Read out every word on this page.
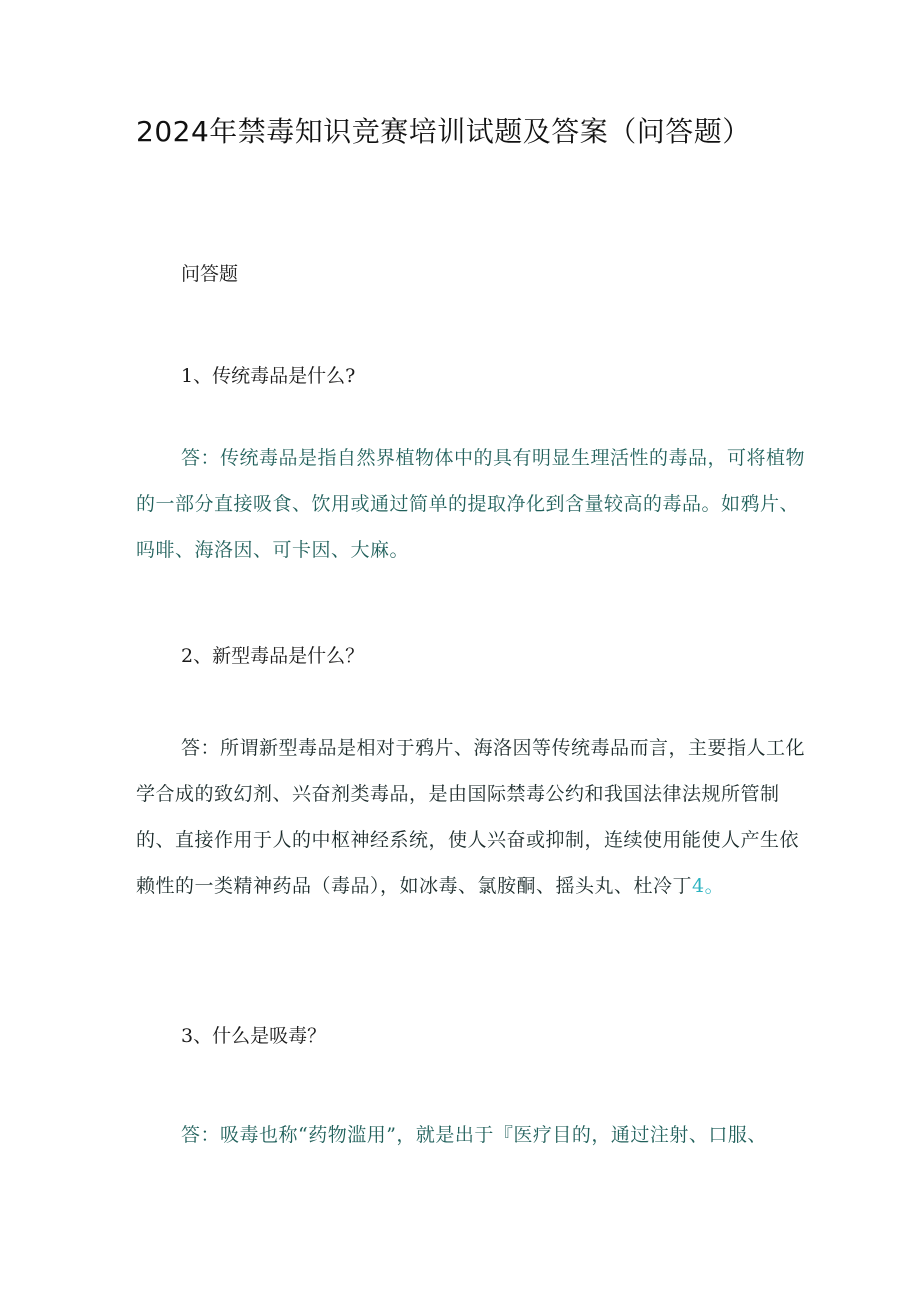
2024年禁毒知识竞赛培训试题及答案（问答题）

问答题

1、传统毒品是什么?

答：传统毒品是指自然界植物体中的具有明显生理活性的毒品，可将植物的一部分直接吸食、饮用或通过简单的提取净化到含量较高的毒品。如鸦片、吗啡、海洛因、可卡因、大麻。

2、新型毒品是什么？

答：所谓新型毒品是相对于鸦片、海洛因等传统毒品而言，主要指人工化学合成的致幻剂、兴奋剂类毒品，是由国际禁毒公约和我国法律法规所管制的、直接作用于人的中枢神经系统，使人兴奋或抑制，连续使用能使人产生依赖性的一类精神药品（毒品），如冰毒、氯胺酮、摇头丸、杜冷丁4。

3、什么是吸毒？

答：吸毒也称“药物滥用”，就是出于『医疗目的，通过注射、口服、
